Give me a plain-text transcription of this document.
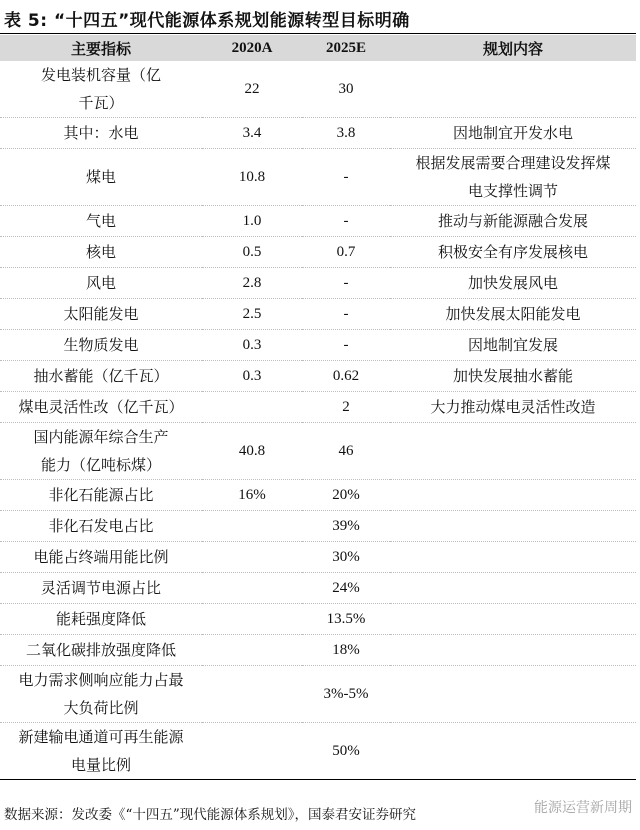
表 5: “十四五”现代能源体系规划能源转型目标明确
主要指标	2020A	2025E	规划内容
发电装机容量（亿千瓦）	22	30	
其中：水电	3.4	3.8	因地制宜开发水电
煤电	10.8	-	根据发展需要合理建设发挥煤电支撑性调节
气电	1.0	-	推动与新能源融合发展
核电	0.5	0.7	积极安全有序发展核电
风电	2.8	-	加快发展风电
太阳能发电	2.5	-	加快发展太阳能发电
生物质发电	0.3	-	因地制宜发展
抽水蓄能（亿千瓦）	0.3	0.62	加快发展抽水蓄能
煤电灵活性改（亿千瓦）		2	大力推动煤电灵活性改造
国内能源年综合生产能力（亿吨标煤）	40.8	46	
非化石能源占比	16%	20%	
非化石发电占比		39%	
电能占终端用能比例		30%	
灵活调节电源占比		24%	
能耗强度降低		13.5%	
二氧化碳排放强度降低		18%	
电力需求侧响应能力占最大负荷比例		3%-5%	
新建输电通道可再生能源电量比例		50%	
数据来源：发改委《“十四五”现代能源体系规划》，国泰君安证券研究	能源运营新周期
